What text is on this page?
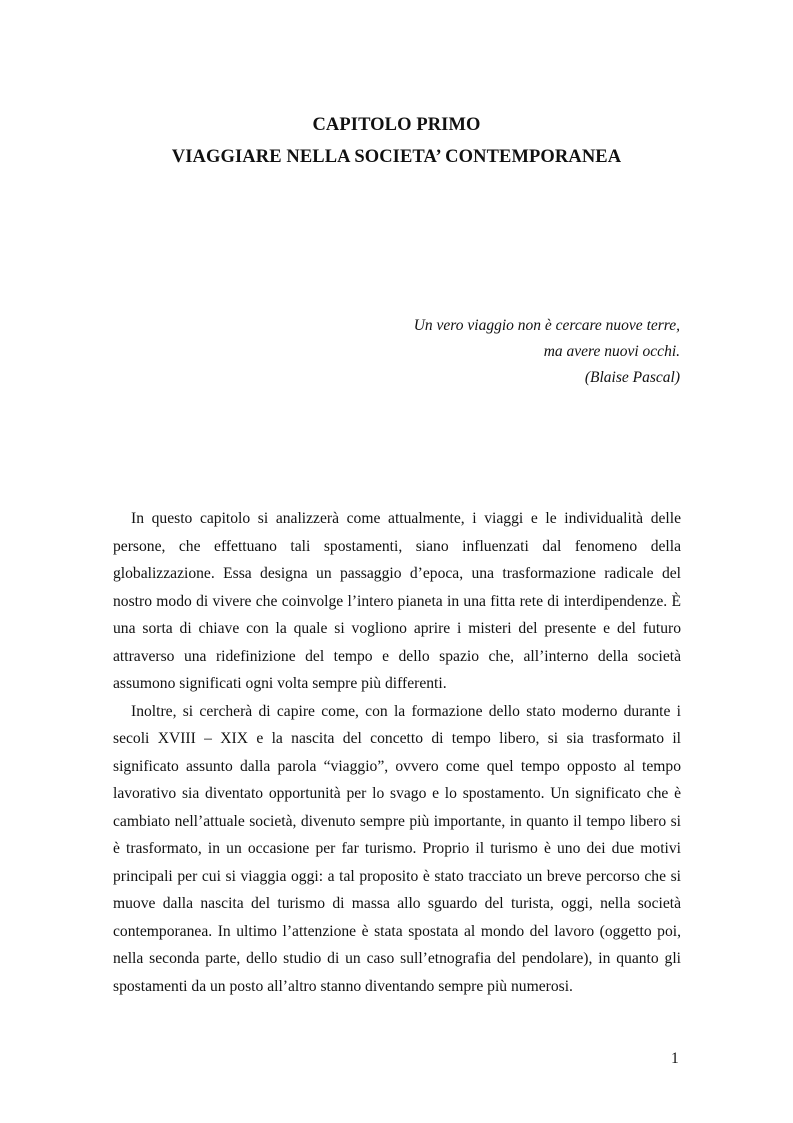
CAPITOLO PRIMO
VIAGGIARE NELLA SOCIETA’ CONTEMPORANEA
Un vero viaggio non è cercare nuove terre,
ma avere nuovi occhi.
(Blaise Pascal)

In questo capitolo si analizzerà come attualmente, i viaggi e le individualità delle persone, che effettuano tali spostamenti, siano influenzati dal fenomeno della globalizzazione. Essa designa un passaggio d’epoca, una trasformazione radicale del nostro modo di vivere che coinvolge l’intero pianeta in una fitta rete di interdipendenze. È una sorta di chiave con la quale si vogliono aprire i misteri del presente e del futuro attraverso una ridefinizione del tempo e dello spazio che, all’interno della società assumono significati ogni volta sempre più differenti.

Inoltre, si cercherà di capire come, con la formazione dello stato moderno durante i secoli XVIII – XIX e la nascita del concetto di tempo libero, si sia trasformato il significato assunto dalla parola “viaggio”, ovvero come quel tempo opposto al tempo lavorativo sia diventato opportunità per lo svago e lo spostamento. Un significato che è cambiato nell’attuale società, divenuto sempre più importante, in quanto il tempo libero si è trasformato, in un occasione per far turismo. Proprio il turismo è uno dei due motivi principali per cui si viaggia oggi: a tal proposito è stato tracciato un breve percorso che si muove dalla nascita del turismo di massa allo sguardo del turista, oggi, nella società contemporanea. In ultimo l’attenzione è stata spostata al mondo del lavoro (oggetto poi, nella seconda parte, dello studio di un caso sull’etnografia del pendolare), in quanto gli spostamenti da un posto all’altro stanno diventando sempre più numerosi.

1
